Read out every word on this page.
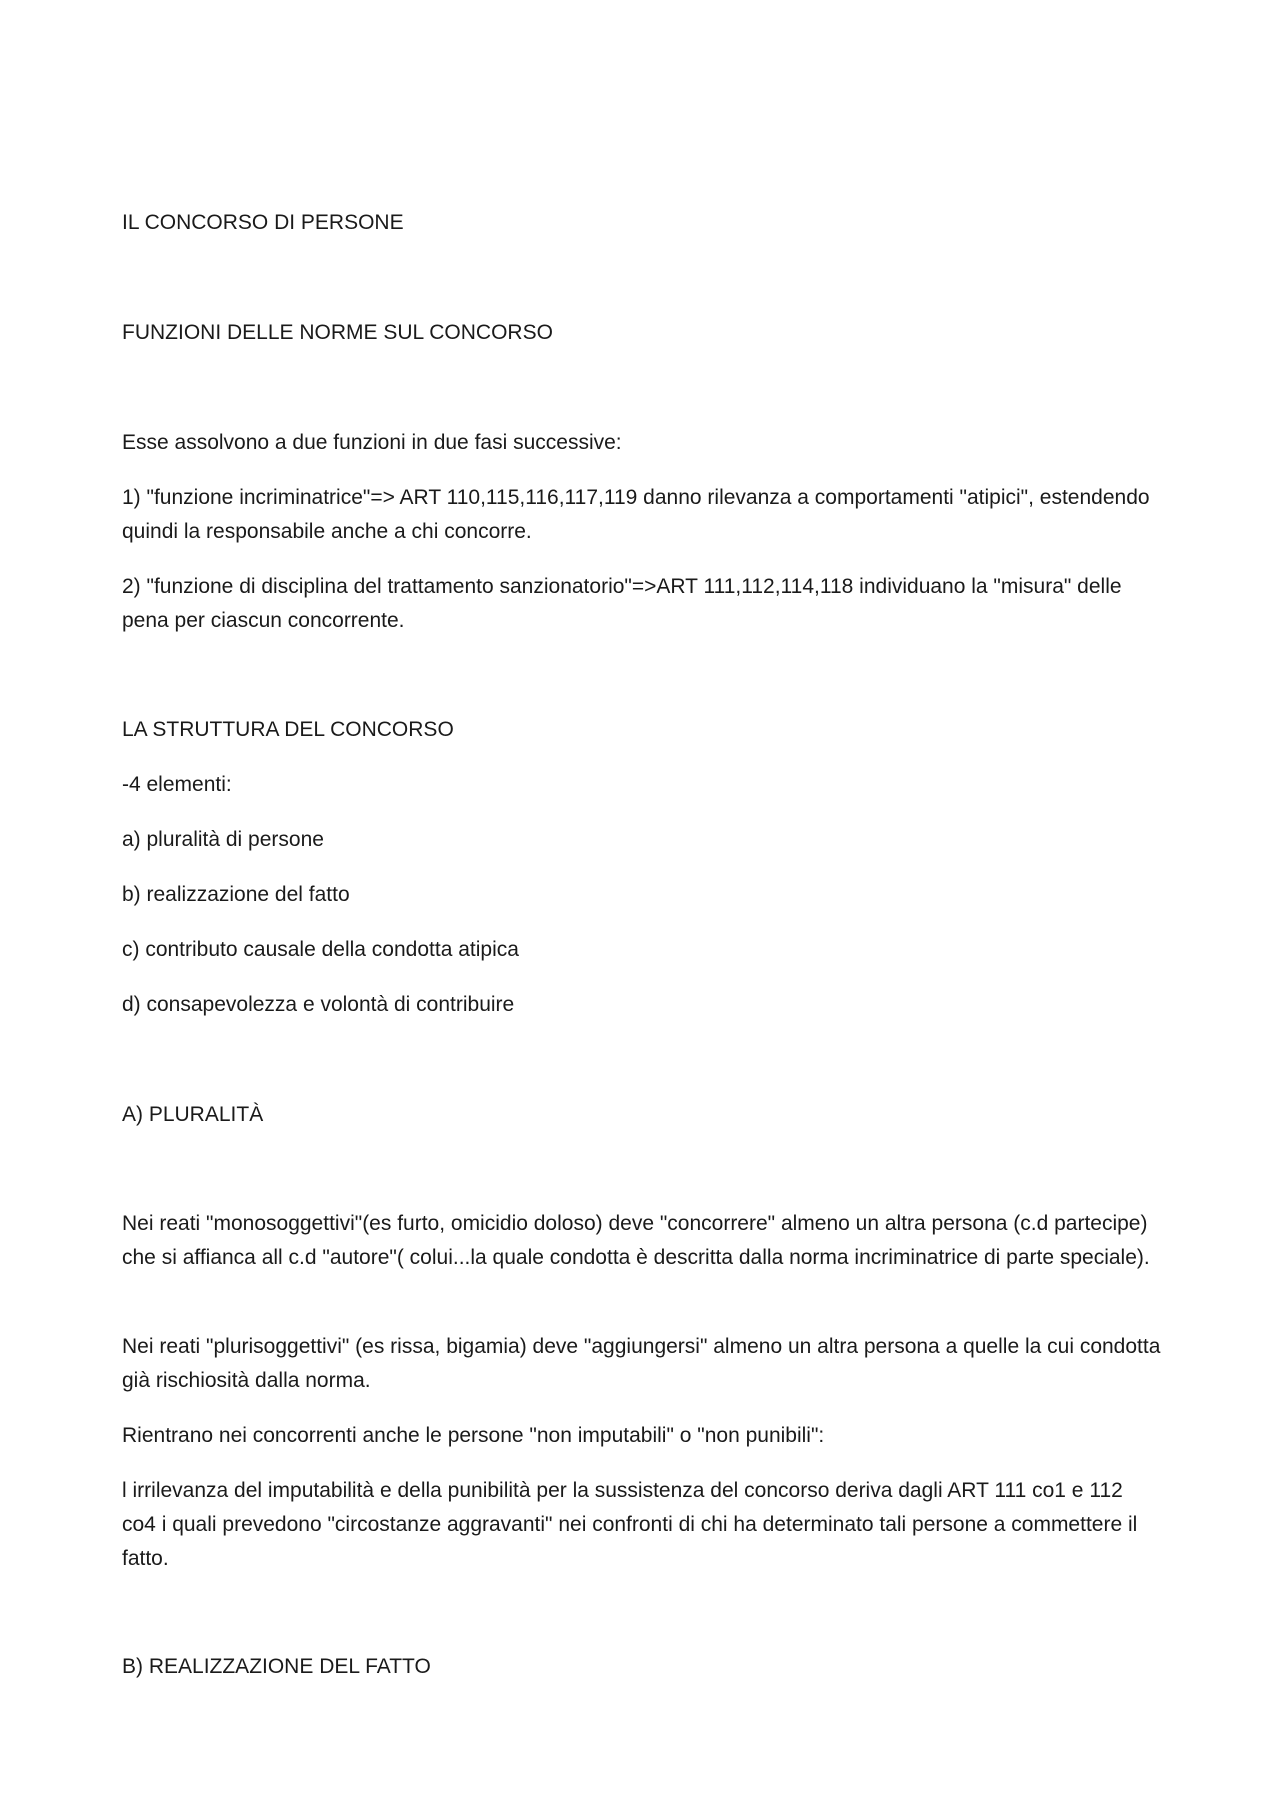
IL CONCORSO DI PERSONE

FUNZIONI DELLE NORME SUL CONCORSO

Esse assolvono a due funzioni in due fasi successive:

1) "funzione incriminatrice"=> ART 110,115,116,117,119 danno rilevanza a comportamenti "atipici", estendendo quindi la responsabile anche a chi concorre.

2) "funzione di disciplina del trattamento sanzionatorio"=>ART 111,112,114,118 individuano la "misura" delle pena per ciascun concorrente.

LA STRUTTURA DEL CONCORSO

-4 elementi:

a) pluralità di persone

b) realizzazione del fatto

c) contributo causale della condotta atipica

d) consapevolezza e volontà di contribuire

A) PLURALITÀ

Nei reati "monosoggettivi"(es furto, omicidio doloso) deve "concorrere" almeno un altra persona (c.d partecipe) che si affianca all c.d "autore"( colui...la quale condotta è descritta dalla norma incriminatrice di parte speciale).

Nei reati "plurisoggettivi" (es rissa, bigamia) deve "aggiungersi" almeno un altra persona a quelle la cui condotta già rischiosità dalla norma.

Rientrano nei concorrenti anche le persone "non imputabili" o "non punibili":

l irrilevanza del imputabilità e della punibilità per la sussistenza del concorso deriva dagli ART 111 co1 e 112 co4 i quali prevedono "circostanze aggravanti" nei confronti di chi ha determinato tali persone a commettere il fatto.

B) REALIZZAZIONE DEL FATTO
